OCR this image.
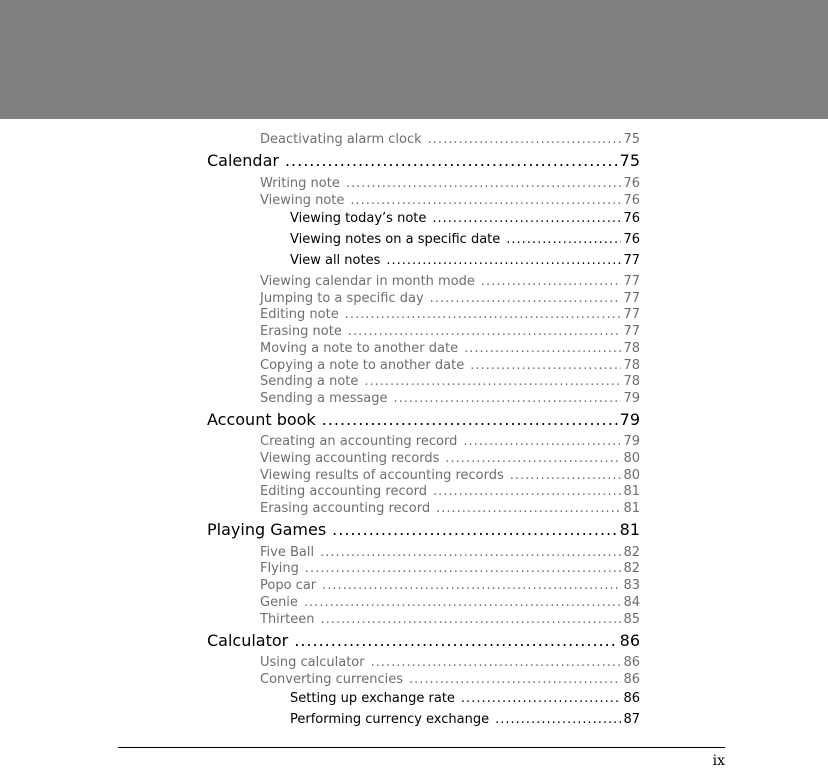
Deactivating alarm clock .....	75
Calendar .....	75
Writing note .....	76
Viewing note .....	76
Viewing today’s note .....	76
Viewing notes on a specific date .....	76
View all notes .....	77
Viewing calendar in month mode .....	77
Jumping to a specific day .....	77
Editing note .....	77
Erasing note .....	77
Moving a note to another date .....	78
Copying a note to another date .....	78
Sending a note .....	78
Sending a message .....	79
Account book .....	79
Creating an accounting record .....	79
Viewing accounting records .....	80
Viewing results of accounting records .....	80
Editing accounting record .....	81
Erasing accounting record .....	81
Playing Games .....	81
Five Ball .....	82
Flying .....	82
Popo car .....	83
Genie .....	84
Thirteen .....	85
Calculator .....	86
Using calculator .....	86
Converting currencies .....	86
Setting up exchange rate .....	86
Performing currency exchange .....	87
ix
